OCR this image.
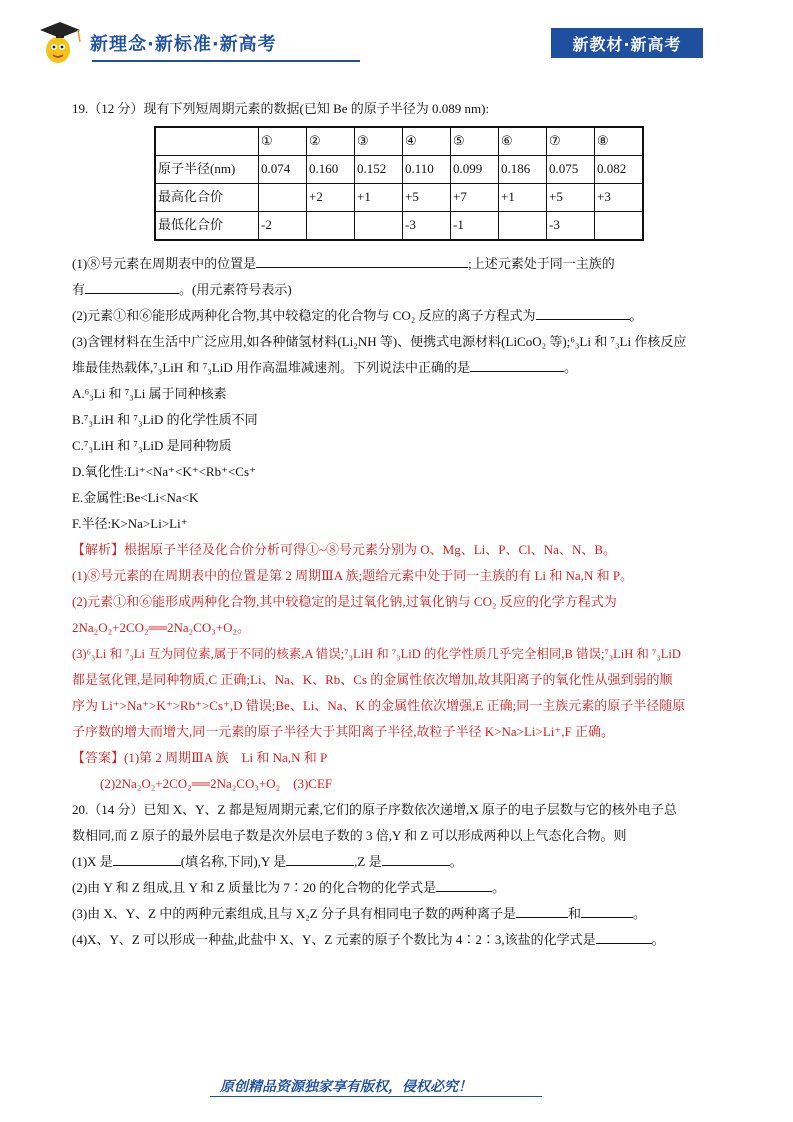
新理念·新标准·新高考	新教材·新高考
19.（12 分）现有下列短周期元素的数据(已知 Be 的原子半径为 0.089 nm):
	①	②	③	④	⑤	⑥	⑦	⑧
原子半径(nm)	0.074	0.160	0.152	0.110	0.099	0.186	0.075	0.082
最高化合价		+2	+1	+5	+7	+1	+5	+3
最低化合价	-2			-3	-1		-3	
(1)⑧号元素在周期表中的位置是	;上述元素处于同一主族的
有	。(用元素符号表示)
(2)元素①和⑥能形成两种化合物,其中较稳定的化合物与 CO₂ 反应的离子方程式为	。
(3)含锂材料在生活中广泛应用,如各种储氢材料(Li₂NH 等)、便携式电源材料(LiCoO₂ 等);⁶₃Li 和 ⁷₃Li 作核反应
堆最佳热载体,⁷₃LiH 和 ⁷₃LiD 用作高温堆减速剂。下列说法中正确的是	。
A.⁶₃Li 和 ⁷₃Li 属于同种核素
B.⁷₃LiH 和 ⁷₃LiD 的化学性质不同
C.⁷₃LiH 和 ⁷₃LiD 是同种物质
D.氧化性:Li⁺<Na⁺<K⁺<Rb⁺<Cs⁺
E.金属性:Be<Li<Na<K
F.半径:K>Na>Li>Li⁺
【解析】根据原子半径及化合价分析可得①~⑧号元素分别为 O、Mg、Li、P、Cl、Na、N、B。
(1)⑧号元素的在周期表中的位置是第 2 周期ⅢA 族;题给元素中处于同一主族的有 Li 和 Na,N 和 P。
(2)元素①和⑥能形成两种化合物,其中较稳定的是过氧化钠,过氧化钠与 CO₂ 反应的化学方程式为
2Na₂O₂+2CO₂══2Na₂CO₃+O₂。
(3)⁶₃Li 和 ⁷₃Li 互为同位素,属于不同的核素,A 错误;⁷₃LiH 和 ⁷₃LiD 的化学性质几乎完全相同,B 错误;⁷₃LiH 和 ⁷₃LiD
都是氢化锂,是同种物质,C 正确;Li、Na、K、Rb、Cs 的金属性依次增加,故其阳离子的氧化性从强到弱的顺
序为 Li⁺>Na⁺>K⁺>Rb⁺>Cs⁺,D 错误;Be、Li、Na、K 的金属性依次增强,E 正确;同一主族元素的原子半径随原
子序数的增大而增大,同一元素的原子半径大于其阳离子半径,故粒子半径 K>Na>Li>Li⁺,F 正确。
【答案】(1)第 2 周期ⅢA 族　Li 和 Na,N 和 P
(2)2Na₂O₂+2CO₂══2Na₂CO₃+O₂　(3)CEF
20.（14 分）已知 X、Y、Z 都是短周期元素,它们的原子序数依次递增,X 原子的电子层数与它的核外电子总
数相同,而 Z 原子的最外层电子数是次外层电子数的 3 倍,Y 和 Z 可以形成两种以上气态化合物。则
(1)X 是	(填名称,下同),Y 是	,Z 是	。
(2)由 Y 和 Z 组成,且 Y 和 Z 质量比为 7∶20 的化合物的化学式是	。
(3)由 X、Y、Z 中的两种元素组成,且与 X₂Z 分子具有相同电子数的两种离子是	和	。
(4)X、Y、Z 可以形成一种盐,此盐中 X、Y、Z 元素的原子个数比为 4∶2∶3,该盐的化学式是	。
原创精品资源独家享有版权，侵权必究！
